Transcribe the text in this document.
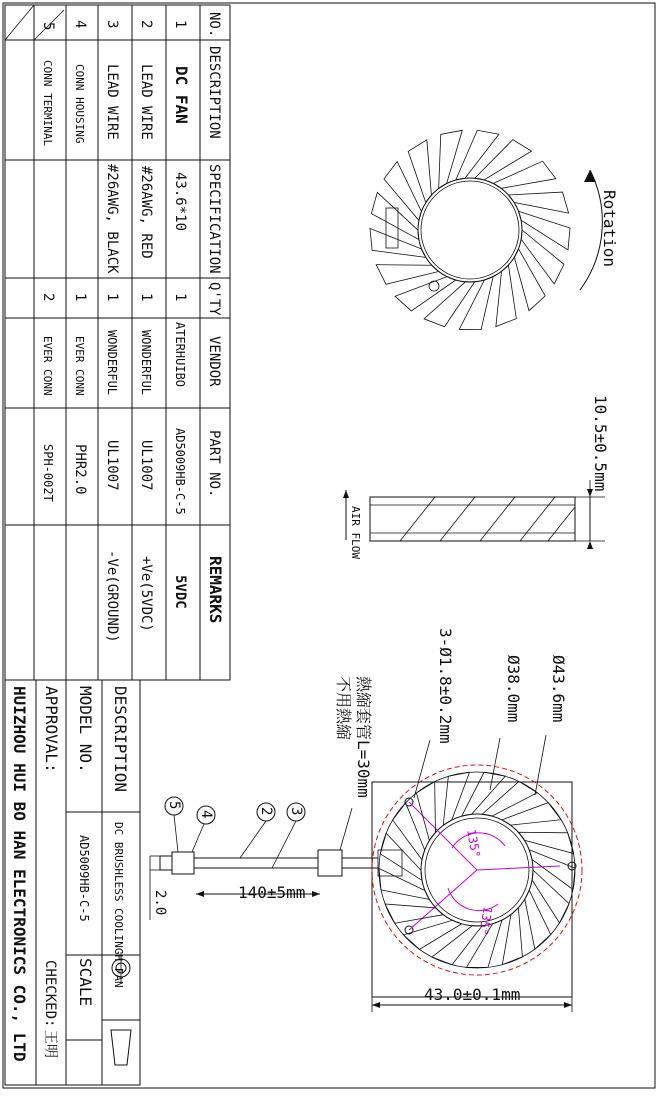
NO.
DESCRIPTION
SPECIFICATION
Q'TY
VENDOR
PART NO.
REMARKS
1
DC FAN
43.6*10
1
ATERHUIBO
AD5009HB-C-5
5VDC
2
LEAD WIRE
#26AWG, RED
1
WONDERFUL
UL1007
+Ve(5VDC)
3
LEAD WIRE
#26AWG, BLACK
1
WONDERFUL
UL1007
-Ve(GROUND)
4
CONN HOUSING
1
EVER CONN
PHR2.0
5
CONN TERMINAL
2
EVER CONN
SPH-002T
DESCRIPTION
DC BRUSHLESS COOLINGH FAN
MODEL NO.
AD5009HB-C-5
SCALE
APPROVAL:
CHECKED:
王明
HUIZHOU HUI BO HAN ELECTRONICS CO., LTD
Rotation
10.5±0.5mm
AIR FLOW
135°
135°
5
4	2 3
140±5mm
2.0
43.0±0.1mm
3-Ø1.8±0.2mm	Ø38.0mm Ø43.6mm
熱縮套管L=30mm
不用熱縮
